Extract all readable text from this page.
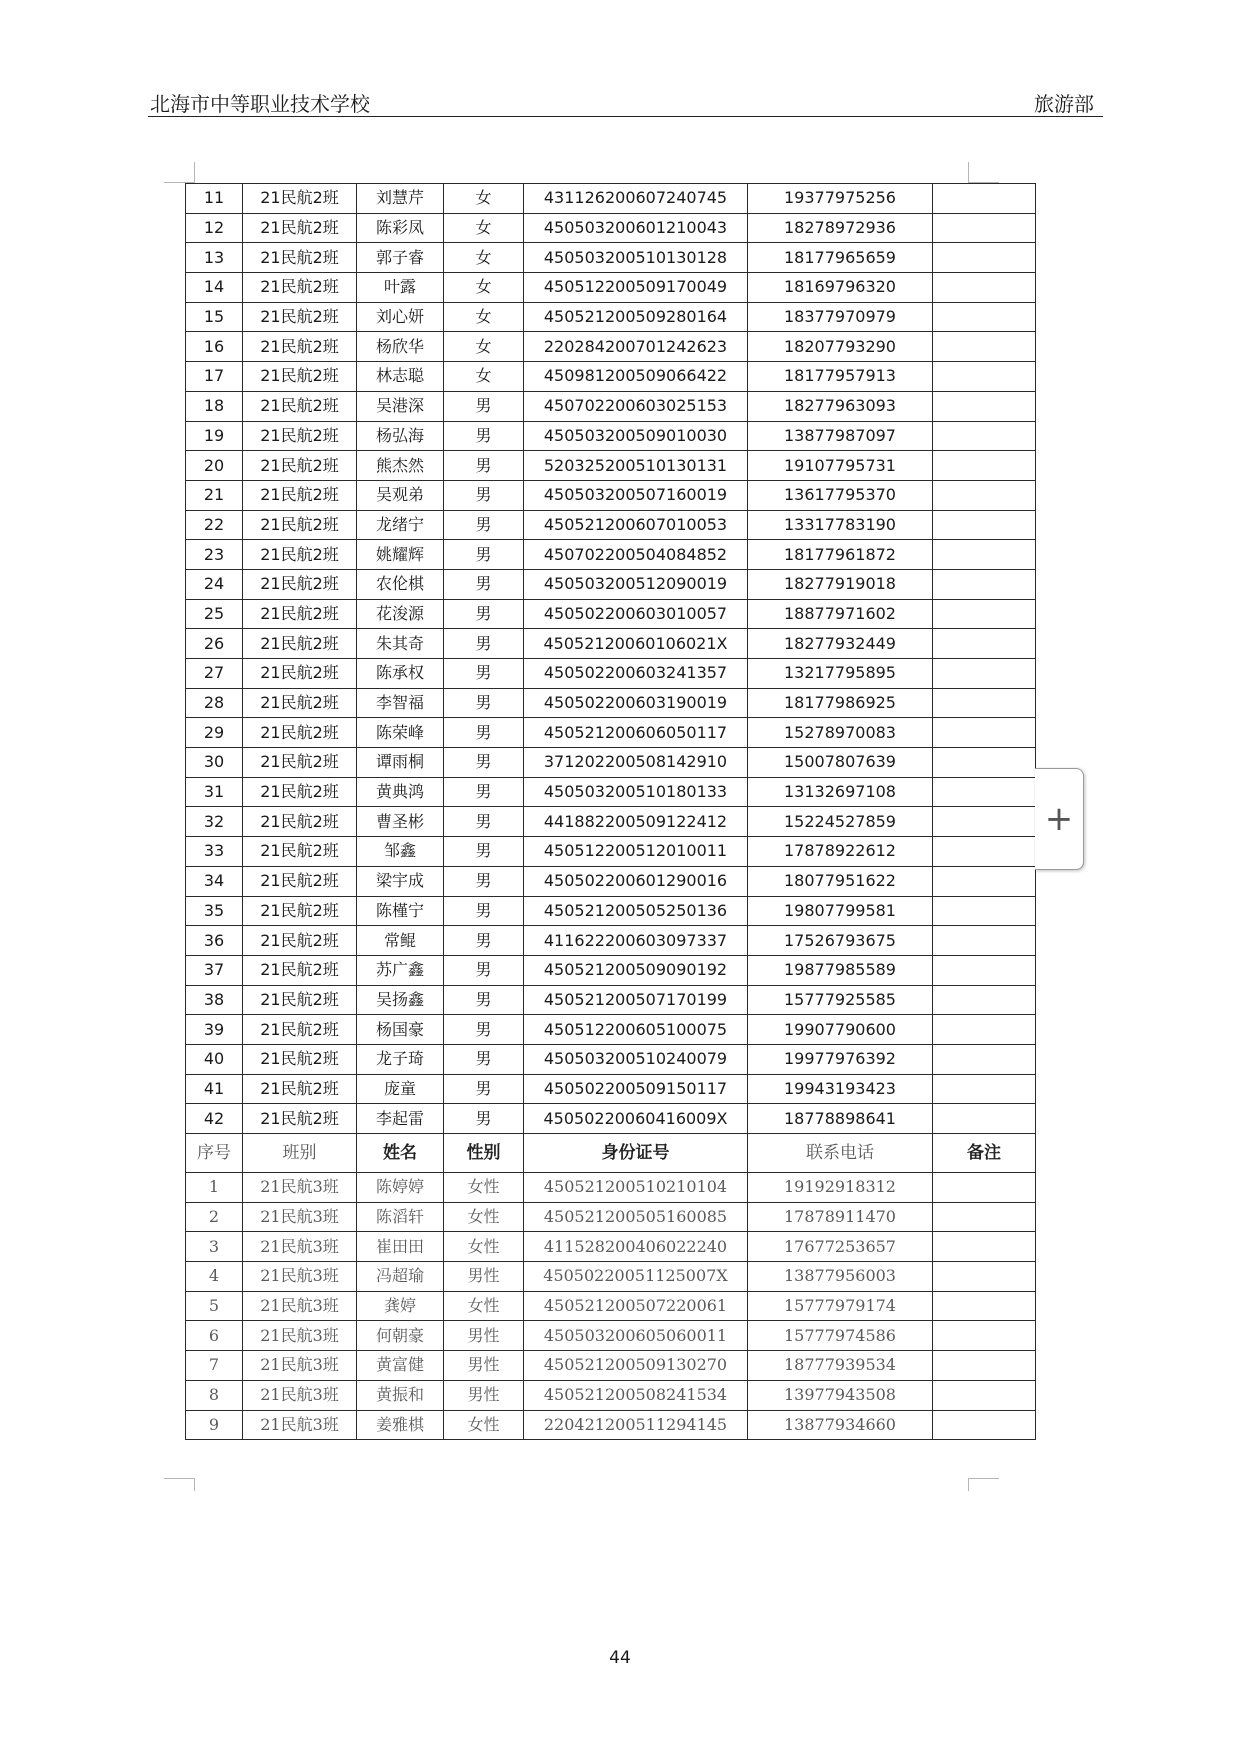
北海市中等职业技术学校	旅游部
11	21民航2班	刘慧芹	女	431126200607240745	19377975256	
12	21民航2班	陈彩凤	女	450503200601210043	18278972936	
13	21民航2班	郭子睿	女	450503200510130128	18177965659	
14	21民航2班	叶露	女	450512200509170049	18169796320	
15	21民航2班	刘心妍	女	450521200509280164	18377970979	
16	21民航2班	杨欣华	女	220284200701242623	18207793290	
17	21民航2班	林志聪	女	450981200509066422	18177957913	
18	21民航2班	吴港深	男	450702200603025153	18277963093	
19	21民航2班	杨弘海	男	450503200509010030	13877987097	
20	21民航2班	熊杰然	男	520325200510130131	19107795731	
21	21民航2班	吴观弟	男	450503200507160019	13617795370	
22	21民航2班	龙绪宁	男	450521200607010053	13317783190	
23	21民航2班	姚耀辉	男	450702200504084852	18177961872	
24	21民航2班	农伦棋	男	450503200512090019	18277919018	
25	21民航2班	花浚源	男	450502200603010057	18877971602	
26	21民航2班	朱其奇	男	45052120060106021X	18277932449	
27	21民航2班	陈承权	男	450502200603241357	13217795895	
28	21民航2班	李智福	男	450502200603190019	18177986925	
29	21民航2班	陈荣峰	男	450521200606050117	15278970083	
30	21民航2班	谭雨桐	男	371202200508142910	15007807639	
31	21民航2班	黄典鸿	男	450503200510180133	13132697108	
32	21民航2班	曹圣彬	男	441882200509122412	15224527859	
33	21民航2班	邹鑫	男	450512200512010011	17878922612	
34	21民航2班	梁宇成	男	450502200601290016	18077951622	
35	21民航2班	陈槿宁	男	450521200505250136	19807799581	
36	21民航2班	常鲲	男	411622200603097337	17526793675	
37	21民航2班	苏广鑫	男	450521200509090192	19877985589	
38	21民航2班	吴扬鑫	男	450521200507170199	15777925585	
39	21民航2班	杨国豪	男	450512200605100075	19907790600	
40	21民航2班	龙子琦	男	450503200510240079	19977976392	
41	21民航2班	庞童	男	450502200509150117	19943193423	
42	21民航2班	李起雷	男	45050220060416009X	18778898641	
序号	班别	姓名	性别	身份证号	联系电话	备注
1	21民航3班	陈婷婷	女性	450521200510210104	19192918312	
2	21民航3班	陈滔轩	女性	450521200505160085	17878911470	
3	21民航3班	崔田田	女性	411528200406022240	17677253657	
4	21民航3班	冯超瑜	男性	45050220051125007X	13877956003	
5	21民航3班	龚婷	女性	450521200507220061	15777979174	
6	21民航3班	何朝豪	男性	450503200605060011	15777974586	
7	21民航3班	黄富健	男性	450521200509130270	18777939534	
8	21民航3班	黄振和	男性	450521200508241534	13977943508	
9	21民航3班	姜雅棋	女性	220421200511294145	13877934660	
+
44
